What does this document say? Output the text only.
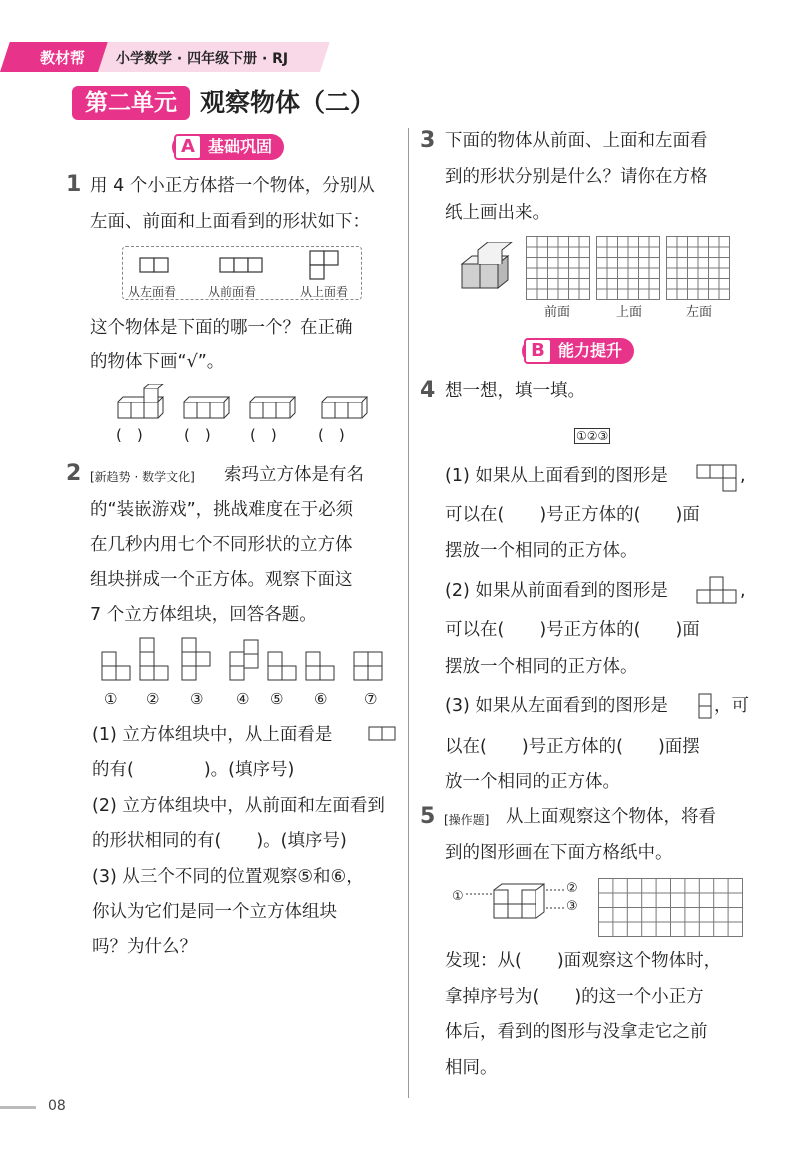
教材帮 小学数学 · 四年级下册 · RJ
第二单元 观察物体（二）
A 基础巩固
1 用 4 个小正方体搭一个物体，分别从
左面、前面和上面看到的形状如下：
从左面看	从前面看	从上面看
这个物体是下面的哪一个？在正确
的物体下画“√”。
(　)	(　)	(　)	(　)
2 [新趋势 · 数学文化] 索玛立方体是有名
的“装嵌游戏”，挑战难度在于必须
在几秒内用七个不同形状的立方体
组块拼成一个正方体。观察下面这
7 个立方体组块，回答各题。
① ② ③ ④ ⑤ ⑥ ⑦
(1) 立方体组块中，从上面看是
的有(　　　　)。(填序号)
(2) 立方体组块中，从前面和左面看到
的形状相同的有(　　)。(填序号)
(3) 从三个不同的位置观察⑤和⑥，
你认为它们是同一个立方体组块
吗？为什么？
3 下面的物体从前面、上面和左面看
到的形状分别是什么？请你在方格
纸上画出来。
前面	上面	左面
B 能力提升
4 想一想，填一填。
①②③
(1) 如果从上面看到的图形是	,
可以在(　　)号正方体的(　　)面
摆放一个相同的正方体。
(2) 如果从前面看到的图形是	,
可以在(　　)号正方体的(　　)面
摆放一个相同的正方体。
(3) 如果从左面看到的图形是	，可
以在(　　)号正方体的(　　)面摆
放一个相同的正方体。
5 [操作题] 从上面观察这个物体，将看
到的图形画在下面方格纸中。
①
②
③
发现：从(　　)面观察这个物体时，
拿掉序号为(　　)的这一个小正方
体后，看到的图形与没拿走它之前
相同。
08
